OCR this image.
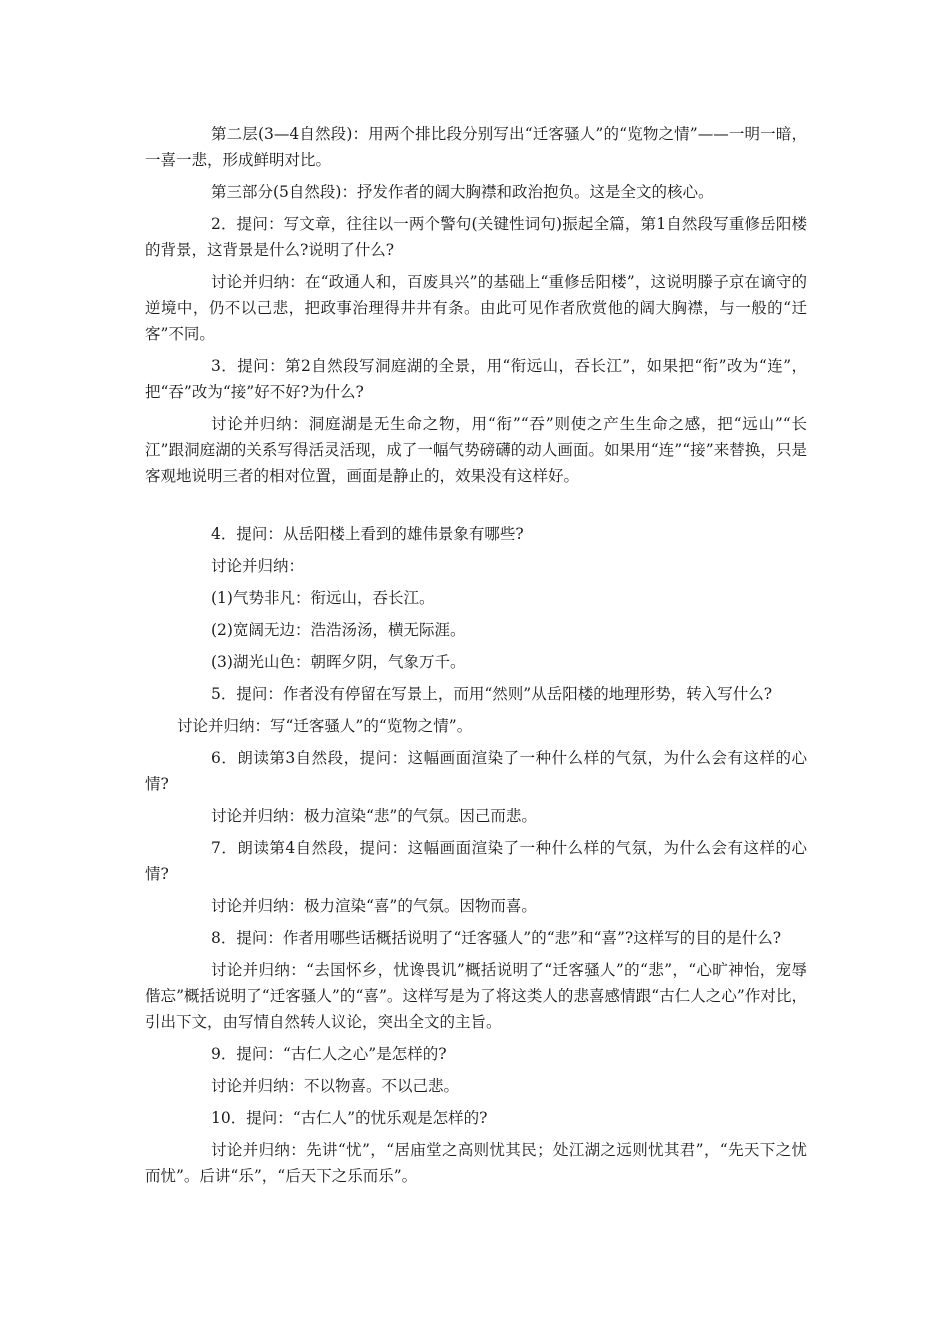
第二层(3—4自然段)：用两个排比段分别写出“迁客骚人”的“览物之情”——一明一暗，一喜一悲，形成鲜明对比。

第三部分(5自然段)：抒发作者的阔大胸襟和政治抱负。这是全文的核心。

2．提问：写文章，往往以一两个警句(关键性词句)振起全篇，第1自然段写重修岳阳楼的背景，这背景是什么?说明了什么?

讨论并归纳：在“政通人和，百废具兴”的基础上“重修岳阳楼”，这说明滕子京在谪守的逆境中，仍不以己悲，把政事治理得井井有条。由此可见作者欣赏他的阔大胸襟，与一般的“迁客”不同。

3．提问：第2自然段写洞庭湖的全景，用“衔远山，吞长江”，如果把“衔”改为“连”，把“吞”改为“接”好不好?为什么?

讨论并归纳：洞庭湖是无生命之物，用“衔”“吞”则使之产生生命之感，把“远山”“长江”跟洞庭湖的关系写得活灵活现，成了一幅气势磅礴的动人画面。如果用“连”“接”来替换，只是客观地说明三者的相对位置，画面是静止的，效果没有这样好。

4．提问：从岳阳楼上看到的雄伟景象有哪些?

讨论并归纳：

(1)气势非凡：衔远山，吞长江。

(2)宽阔无边：浩浩汤汤，横无际涯。

(3)湖光山色：朝晖夕阴，气象万千。

5．提问：作者没有停留在写景上，而用“然则”从岳阳楼的地理形势，转入写什么?

讨论并归纳：写“迁客骚人”的“览物之情”。

6．朗读第3自然段，提问：这幅画面渲染了一种什么样的气氛，为什么会有这样的心情?

讨论并归纳：极力渲染“悲”的气氛。因己而悲。

7．朗读第4自然段，提问：这幅画面渲染了一种什么样的气氛，为什么会有这样的心情?

讨论并归纳：极力渲染“喜”的气氛。因物而喜。

8．提问：作者用哪些话概括说明了“迁客骚人”的“悲”和“喜”?这样写的目的是什么?

讨论并归纳：“去国怀乡，忧谗畏讥”概括说明了“迁客骚人”的“悲”，“心旷神怡，宠辱偕忘”概括说明了“迁客骚人”的“喜”。这样写是为了将这类人的悲喜感情跟“古仁人之心”作对比，引出下文，由写情自然转人议论，突出全文的主旨。

9．提问：“古仁人之心”是怎样的?

讨论并归纳：不以物喜。不以己悲。

10．提问：“古仁人”的忧乐观是怎样的?

讨论并归纳：先讲“忧”，“居庙堂之高则忧其民；处江湖之远则忧其君”，“先天下之忧而忧”。后讲“乐”，“后天下之乐而乐”。
